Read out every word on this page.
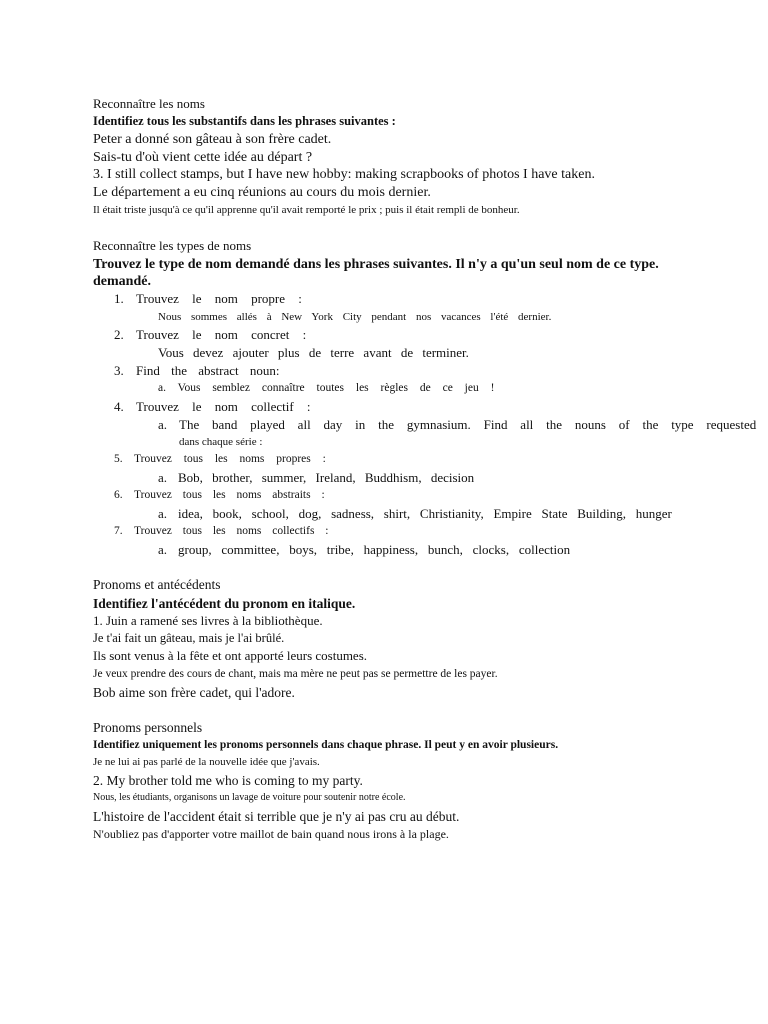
Reconnaître les noms
Identifiez tous les substantifs dans les phrases suivantes :
Peter a donné son gâteau à son frère cadet.
Sais-tu d'où vient cette idée au départ ?
3. I still collect stamps, but I have new hobby: making scrapbooks of photos I have taken.
Le département a eu cinq réunions au cours du mois dernier.
Il était triste jusqu'à ce qu'il apprenne qu'il avait remporté le prix ; puis il était rempli de bonheur.
Reconnaître les types de noms
Trouvez le type de nom demandé dans les phrases suivantes. Il n'y a qu'un seul nom de ce type.
demandé.
1. Trouvez le nom propre :
Nous sommes allés à New York City pendant nos vacances l'été dernier.
2. Trouvez le nom concret :
Vous devez ajouter plus de terre avant de terminer.
3. Find the abstract noun:
a. Vous semblez connaître toutes les règles de ce jeu !
4. Trouvez le nom collectif :
a. The band played all day in the gymnasium. Find all the nouns of the type requested
dans chaque série :
5. Trouvez tous les noms propres :
a. Bob, brother, summer, Ireland, Buddhism, decision
6. Trouvez tous les noms abstraits :
a. idea, book, school, dog, sadness, shirt, Christianity, Empire State Building, hunger
7. Trouvez tous les noms collectifs :
a. group, committee, boys, tribe, happiness, bunch, clocks, collection
Pronoms et antécédents
Identifiez l'antécédent du pronom en italique.
1. Juin a ramené ses livres à la bibliothèque.
Je t'ai fait un gâteau, mais je l'ai brûlé.
Ils sont venus à la fête et ont apporté leurs costumes.
Je veux prendre des cours de chant, mais ma mère ne peut pas se permettre de les payer.
Bob aime son frère cadet, qui l'adore.
Pronoms personnels
Identifiez uniquement les pronoms personnels dans chaque phrase. Il peut y en avoir plusieurs.
Je ne lui ai pas parlé de la nouvelle idée que j'avais.
2. My brother told me who is coming to my party.
Nous, les étudiants, organisons un lavage de voiture pour soutenir notre école.
L'histoire de l'accident était si terrible que je n'y ai pas cru au début.
N'oubliez pas d'apporter votre maillot de bain quand nous irons à la plage.
